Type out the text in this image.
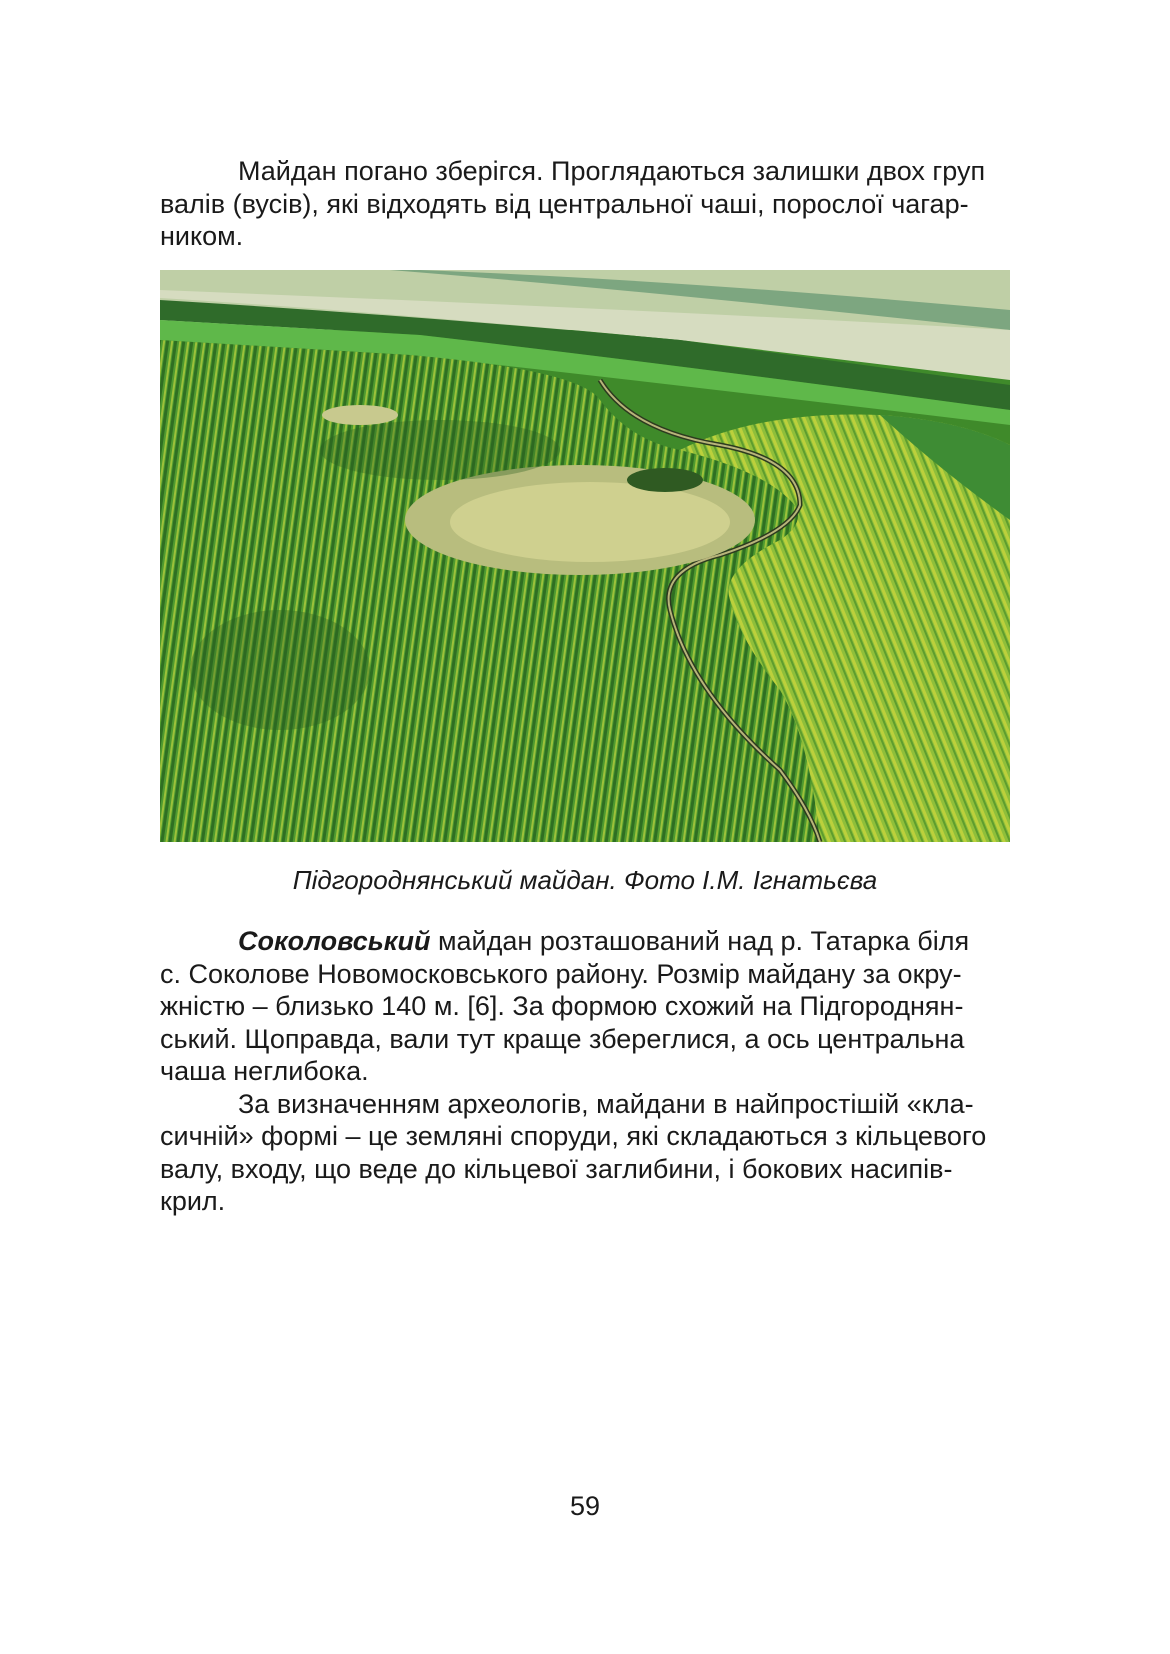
Майдан погано зберігся. Проглядаються залишки двох груп
валів (вусів), які відходять від центральної чаші, порослої чагар -
ником.

Підгороднянський майдан. Фото І.М. Ігнатьєва

Соколовський майдан розташований над р. Татарка біля
с. Соколове Новомосковського району. Розмір майдану за окру -
жністю – близько 140 м. [6]. За формою схожий на Підгороднян -
ський. Щоправда, вали тут краще збереглися, а ось центральна
чаша неглибока.

За визначенням археологів, майдани в найпростішій «кла -
сичній» формі – це земляні споруди, які складаються з кільцевого
валу, входу, що веде до кільцевої заглибини, і бокових насипів -
крил.

59
